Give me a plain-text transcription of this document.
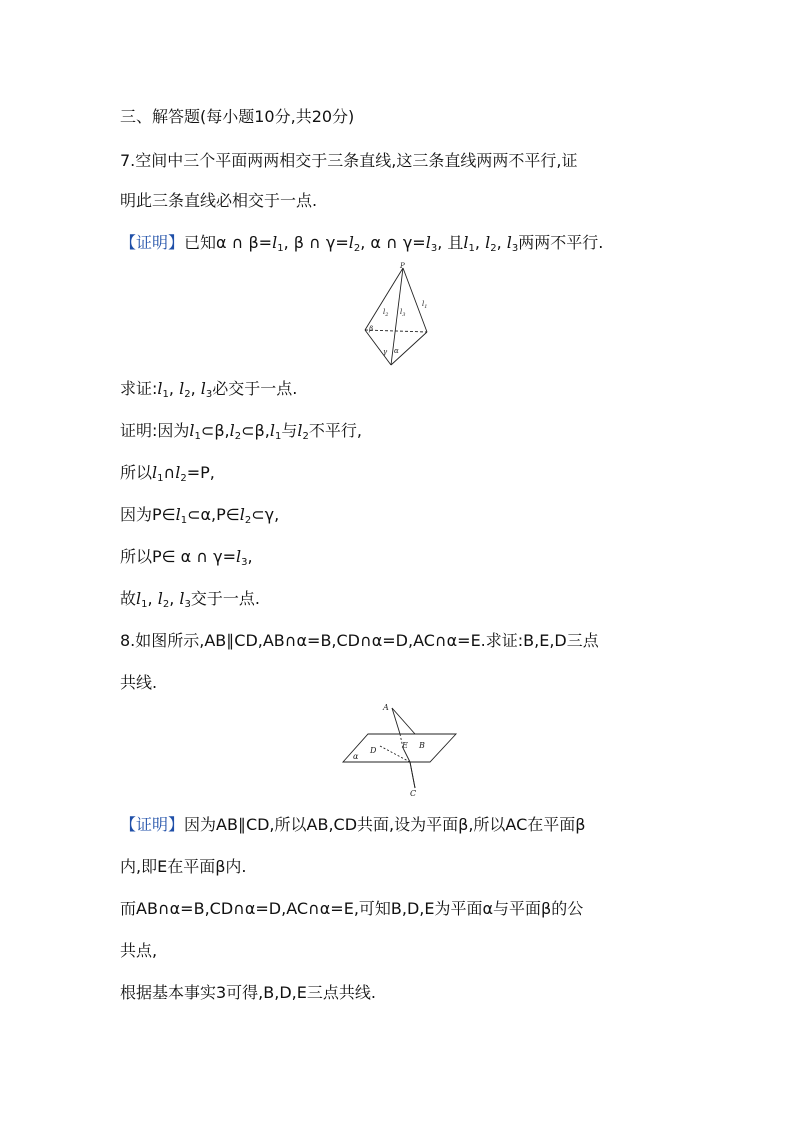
三、解答题(每小题10分,共20分)
7.空间中三个平面两两相交于三条直线,这三条直线两两不平行,证
明此三条直线必相交于一点.
【证明】已知α ∩ $\beta=l_1$, β ∩ $\gamma=l_2$, α ∩ $\gamma=l_3$, 且$l_1$, $l_2$, $l_3$两两不平行.
P
$l_1$
$l_2$ $l_3$
β
γ α
求证$:l_1$, $l_2$, $l_3$必交于一点.
证明:因为$l_1\subset\beta,l_2\subset\beta,l_1$与$l_2$不平行,
所以$l_1\cap l_2=P$,
因为$P\in l_1\subset\alpha,P\in l_2\subset\gamma$,
所以P∈ α ∩ $\gamma=l_3$,
故$l_1$, $l_2$, $l_3$交于一点.
8.如图所示,AB∥CD,AB∩α=B,CD∩α=D,AC∩α=E.求证:B,E,D三点
共线.
A
B
C
D
E
α
【证明】因为AB∥CD,所以AB,CD共面,设为平面β,所以AC在平面β
内,即E在平面β内.
而AB∩α=B,CD∩α=D,AC∩α=E,可知B,D,E为平面α与平面β的公
共点,
根据基本事实3可得,B,D,E三点共线.
